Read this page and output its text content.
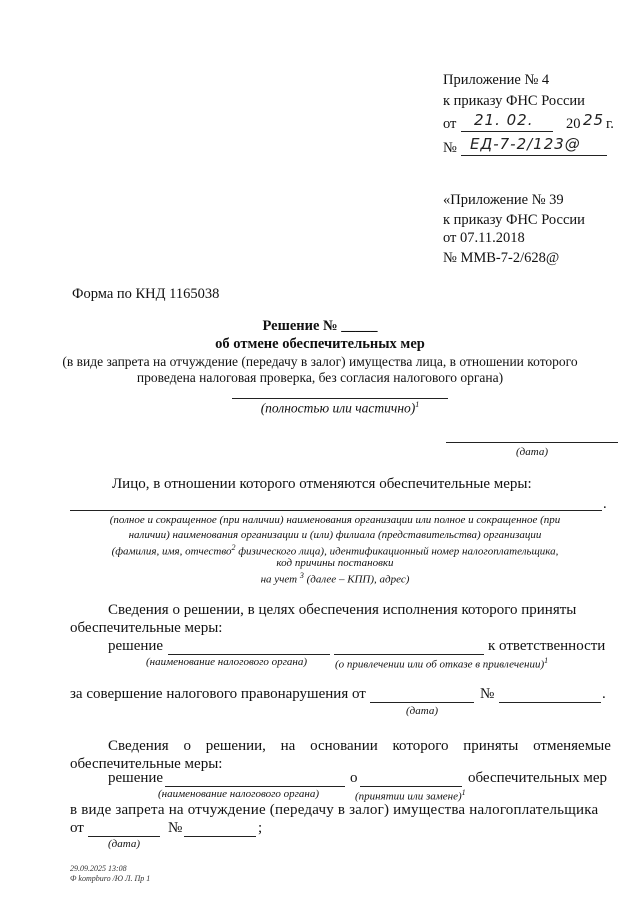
Приложение № 4
к приказу ФНС России
от 21. 02. 20 25 г.
№ ЕД-7-2/123@
«Приложение № 39
к приказу ФНС России
от 07.11.2018
№ ММВ-7-2/628@
Форма по КНД 1165038
Решение № _____
об отмене обеспечительных мер
(в виде запрета на отчуждение (передачу в залог) имущества лица, в отношении которого
проведена налоговая проверка, без согласия налогового органа)
(полностью или частично)$^1$
(дата)
Лицо, в отношении которого отменяются обеспечительные меры:
.
(полное и сокращенное (при наличии) наименования организации или полное и сокращенное (при
наличии) наименования организации и (или) филиала (представительства) организации
(фамилия, имя, отчество$^2$ физического лица), идентификационный номер налогоплательщика,
код причины постановки
на учет $^3$ (далее – КПП), адрес)
Сведения о решении, в целях обеспечения исполнения которого приняты
обеспечительные меры:
решение	к ответственности
(наименование налогового органа)	(о привлечении или об отказе в привлечении)$^1$
за совершение налогового правонарушения от	№	.
(дата)
Сведения о решении, на основании которого приняты отменяемые
обеспечительные меры:
решение	о	обеспечительных мер
(наименование налогового органа)	(принятии или замене)$^1$
в виде запрета на отчуждение (передачу в залог) имущества налогоплательщика
от	№	;
(дата)
29.09.2025 13:08
Ф kompburo /Ю Л. Пр 1
